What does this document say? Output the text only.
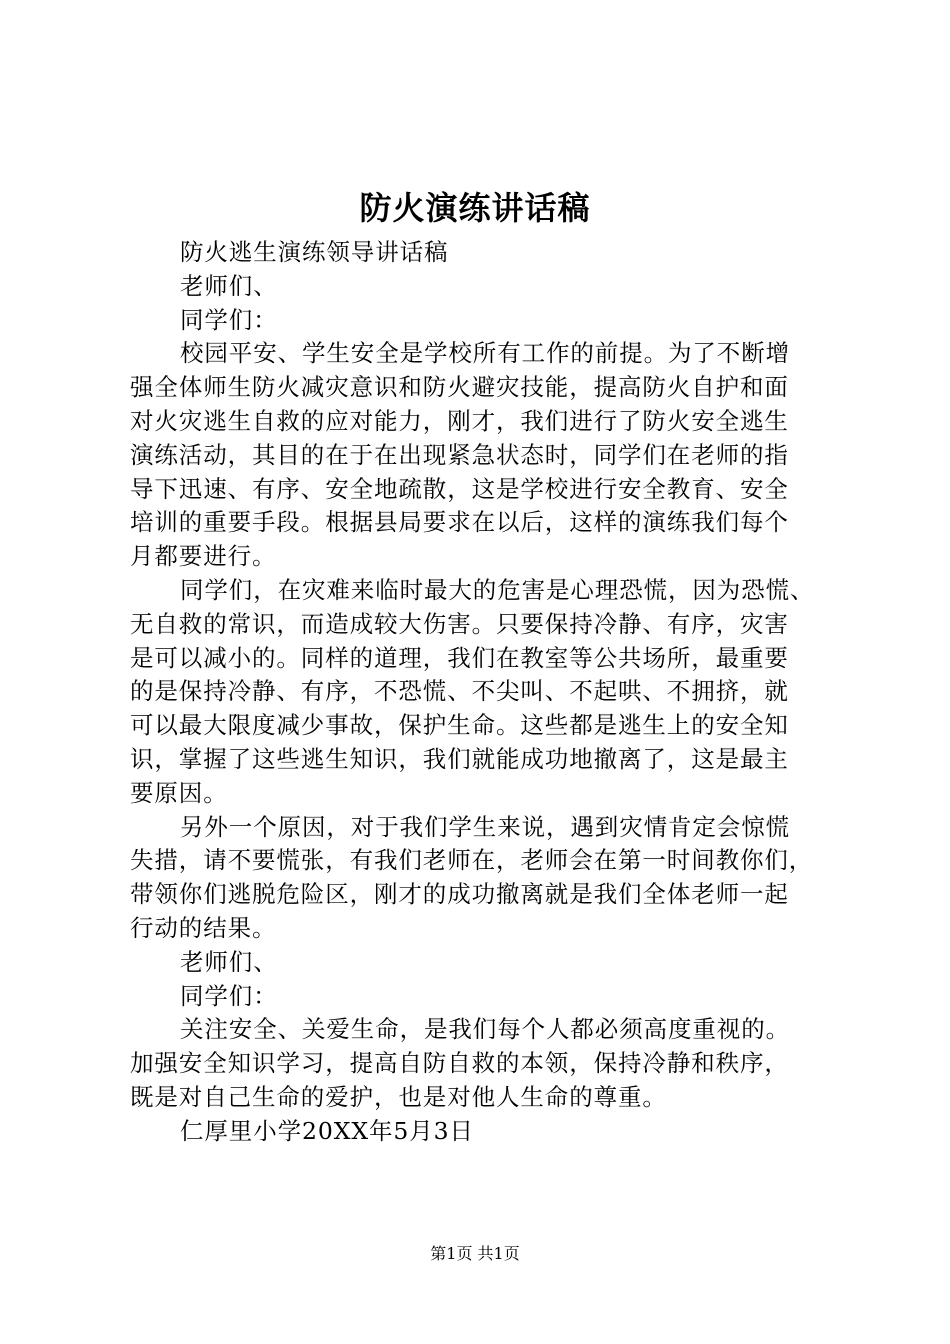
防火演练讲话稿
防火逃生演练领导讲话稿
老师们、
同学们：
校园平安、学生安全是学校所有工作的前提。为了不断增
强全体师生防火减灾意识和防火避灾技能，提高防火自护和面
对火灾逃生自救的应对能力，刚才，我们进行了防火安全逃生
演练活动，其目的在于在出现紧急状态时，同学们在老师的指
导下迅速、有序、安全地疏散，这是学校进行安全教育、安全
培训的重要手段。根据县局要求在以后，这样的演练我们每个
月都要进行。
同学们，在灾难来临时最大的危害是心理恐慌，因为恐慌、
无自救的常识，而造成较大伤害。只要保持冷静、有序，灾害
是可以减小的。同样的道理，我们在教室等公共场所，最重要
的是保持冷静、有序，不恐慌、不尖叫、不起哄、不拥挤，就
可以最大限度减少事故，保护生命。这些都是逃生上的安全知
识，掌握了这些逃生知识，我们就能成功地撤离了，这是最主
要原因。
另外一个原因，对于我们学生来说，遇到灾情肯定会惊慌
失措，请不要慌张，有我们老师在，老师会在第一时间教你们，
带领你们逃脱危险区，刚才的成功撤离就是我们全体老师一起
行动的结果。
老师们、
同学们：
关注安全、关爱生命，是我们每个人都必须高度重视的。
加强安全知识学习，提高自防自救的本领，保持冷静和秩序，
既是对自己生命的爱护，也是对他人生命的尊重。
仁厚里小学20XX年5月3日
第1页 共1页
